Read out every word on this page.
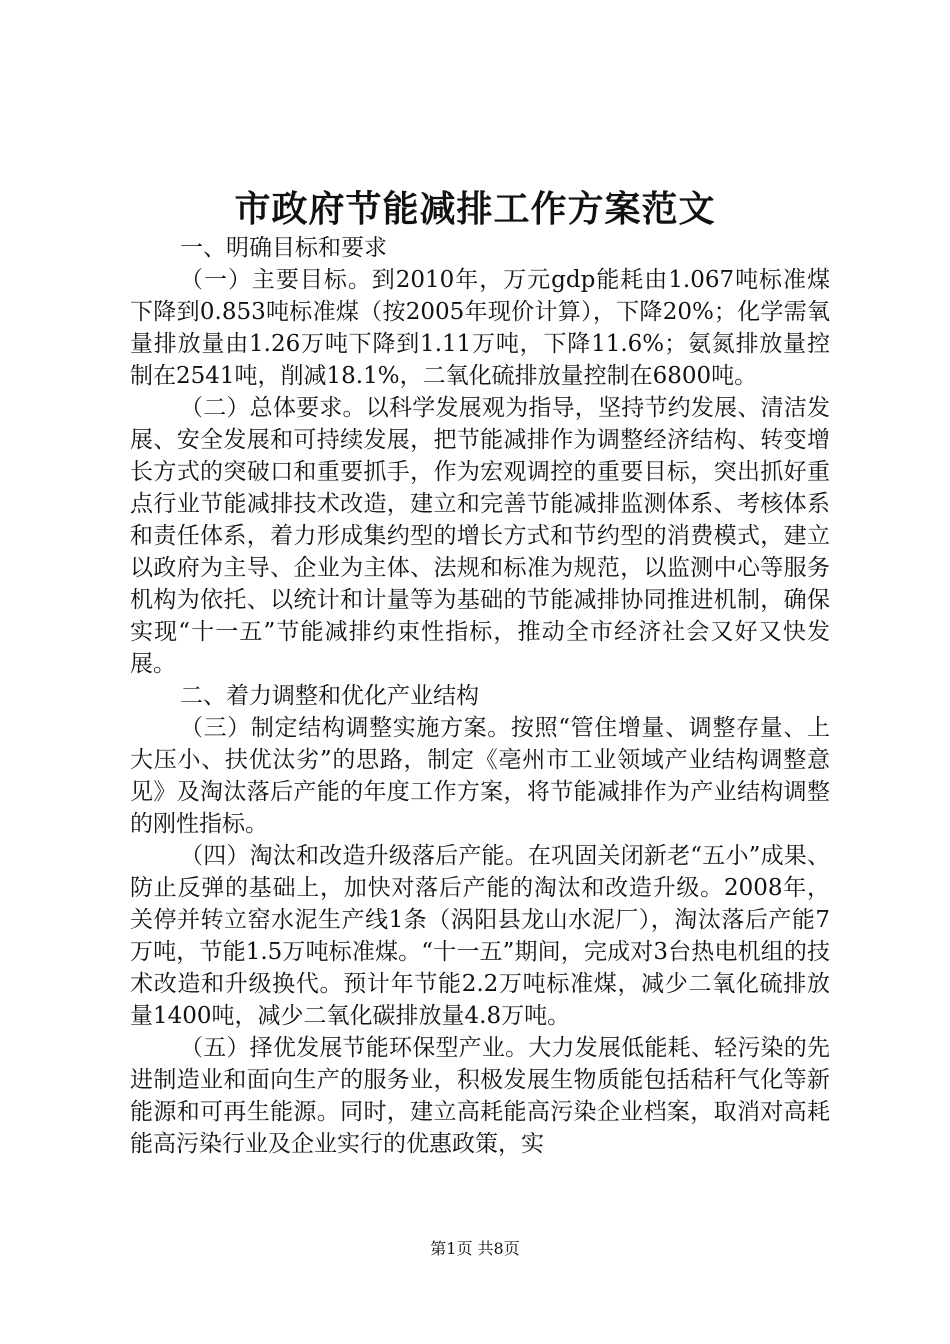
市政府节能减排工作方案范文

一、明确目标和要求

（一）主要目标。到2010年，万元gdp能耗由1.067吨标准煤下降到0.853吨标准煤（按2005年现价计算），下降20%；化学需氧量排放量由1.26万吨下降到1.11万吨，下降11.6%；氨氮排放量控制在2541吨，削减18.1%，二氧化硫排放量控制在6800吨。

（二）总体要求。以科学发展观为指导，坚持节约发展、清洁发展、安全发展和可持续发展，把节能减排作为调整经济结构、转变增长方式的突破口和重要抓手，作为宏观调控的重要目标，突出抓好重点行业节能减排技术改造，建立和完善节能减排监测体系、考核体系和责任体系，着力形成集约型的增长方式和节约型的消费模式，建立以政府为主导、企业为主体、法规和标准为规范，以监测中心等服务机构为依托、以统计和计量等为基础的节能减排协同推进机制，确保实现“十一五”节能减排约束性指标，推动全市经济社会又好又快发展。

二、着力调整和优化产业结构

（三）制定结构调整实施方案。按照“管住增量、调整存量、上大压小、扶优汰劣”的思路，制定《亳州市工业领域产业结构调整意见》及淘汰落后产能的年度工作方案，将节能减排作为产业结构调整的刚性指标。

（四）淘汰和改造升级落后产能。在巩固关闭新老“五小”成果、防止反弹的基础上，加快对落后产能的淘汰和改造升级。2008年，关停并转立窑水泥生产线1条（涡阳县龙山水泥厂），淘汰落后产能7万吨，节能1.5万吨标准煤。“十一五”期间，完成对3台热电机组的技术改造和升级换代。预计年节能2.2万吨标准煤，减少二氧化硫排放量1400吨，减少二氧化碳排放量4.8万吨。

（五）择优发展节能环保型产业。大力发展低能耗、轻污染的先进制造业和面向生产的服务业，积极发展生物质能包括秸秆气化等新能源和可再生能源。同时，建立高耗能高污染企业档案，取消对高耗能高污染行业及企业实行的优惠政策，实

第1页 共8页
